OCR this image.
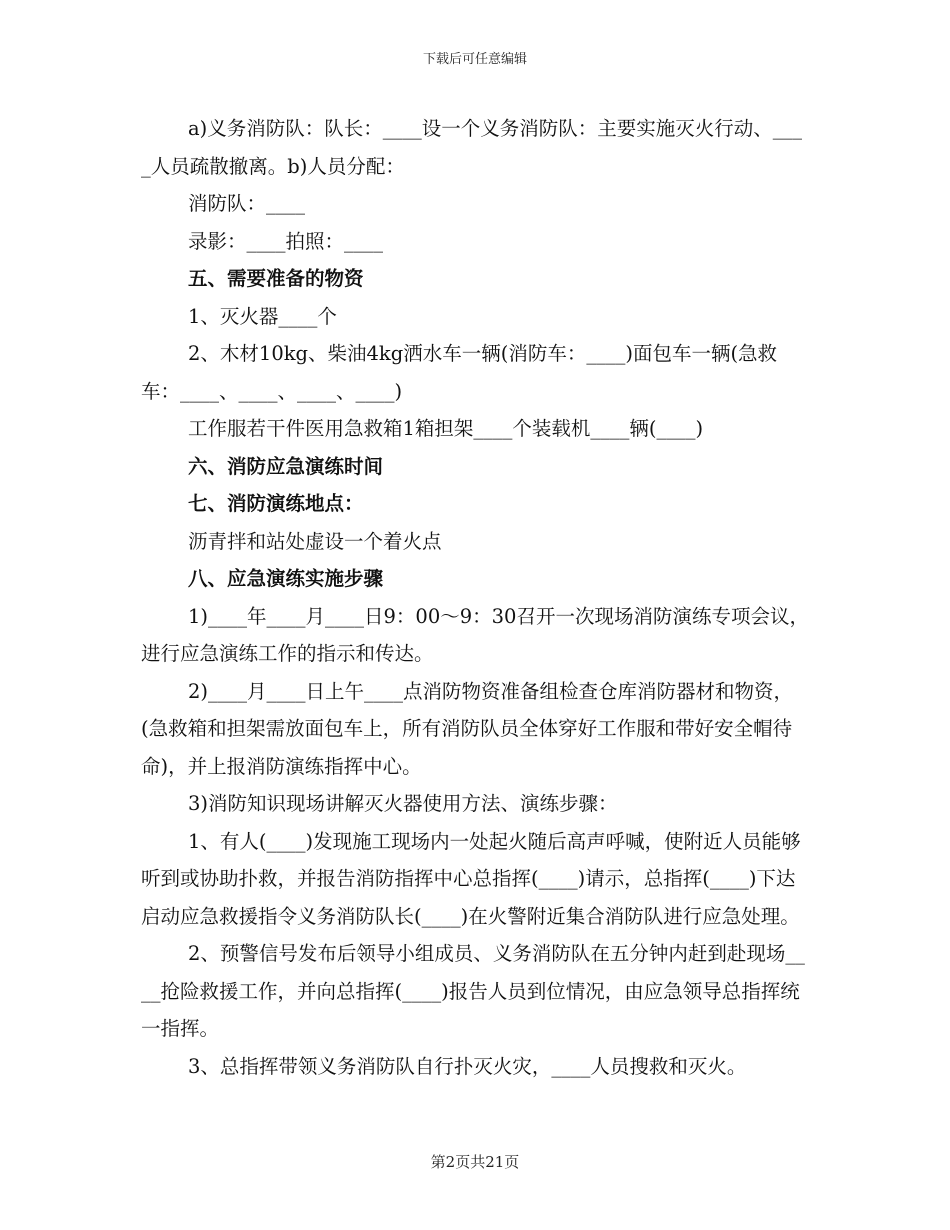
下载后可任意编辑

a)义务消防队：队长：____设一个义务消防队：主要实施灭火行动、____人员疏散撤离。b)人员分配：

消防队：____

录影：____拍照：____

五、需要准备的物资

1、灭火器____个

2、木材10kg、柴油4kg洒水车一辆(消防车：____)面包车一辆(急救车：____、____、____、____)

工作服若干件医用急救箱1箱担架____个装载机____辆(____)

六、消防应急演练时间

七、消防演练地点：

沥青拌和站处虚设一个着火点

八、应急演练实施步骤

1)____年____月____日9：00～9：30召开一次现场消防演练专项会议，进行应急演练工作的指示和传达。

2)____月____日上午____点消防物资准备组检查仓库消防器材和物资，(急救箱和担架需放面包车上，所有消防队员全体穿好工作服和带好安全帽待命)，并上报消防演练指挥中心。

3)消防知识现场讲解灭火器使用方法、演练步骤：

1、有人(____)发现施工现场内一处起火随后高声呼喊，使附近人员能够听到或协助扑救，并报告消防指挥中心总指挥(____)请示，总指挥(____)下达启动应急救援指令义务消防队长(____)在火警附近集合消防队进行应急处理。

2、预警信号发布后领导小组成员、义务消防队在五分钟内赶到赴现场____抢险救援工作，并向总指挥(____)报告人员到位情况，由应急领导总指挥统一指挥。

3、总指挥带领义务消防队自行扑灭火灾，____人员搜救和灭火。

第2页共21页
